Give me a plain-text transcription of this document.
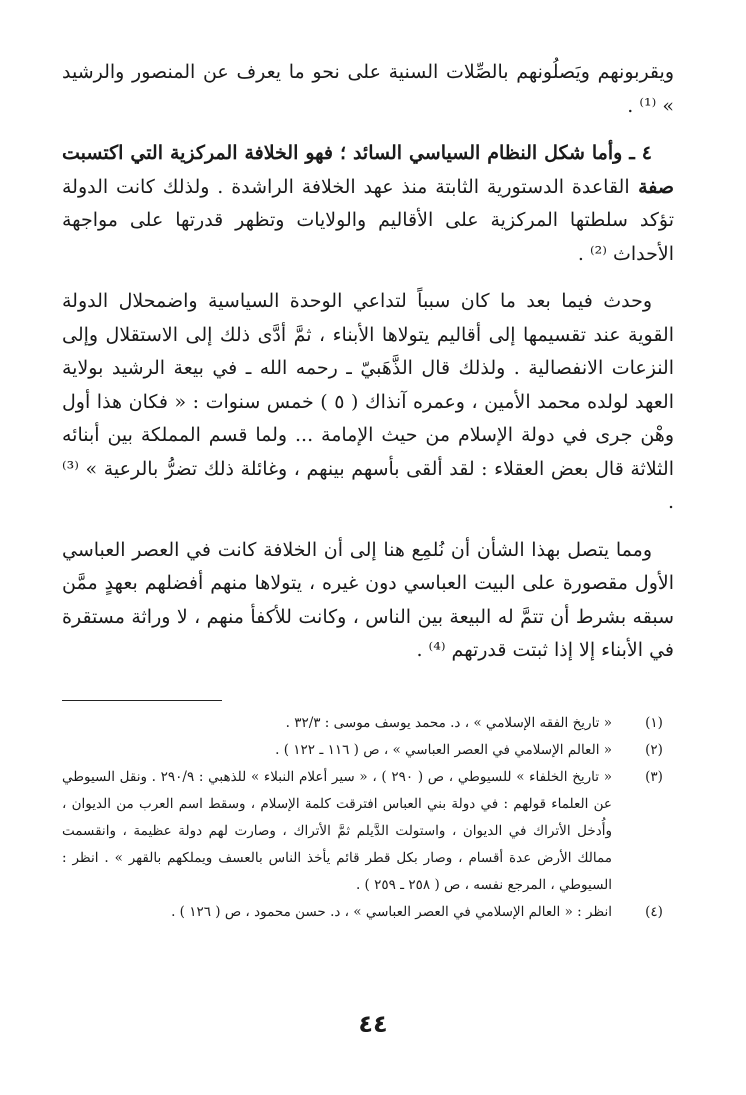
ويقربونهم ويَصلُونهم بالصِّلات السنية على نحو ما يعرف عن المنصور والرشيد » ⁽¹⁾ .

٤ ـ وأما شكل النظام السياسي السائد ؛ فهو الخلافة المركزية التي اكتسبت صفة القاعدة الدستورية الثابتة منذ عهد الخلافة الراشدة . ولذلك كانت الدولة تؤكد سلطتها المركزية على الأقاليم والولايات وتظهر قدرتها على مواجهة الأحداث ⁽²⁾ .

وحدث فيما بعد ما كان سبباً لتداعي الوحدة السياسية واضمحلال الدولة القوية عند تقسيمها إلى أقاليم يتولاها الأبناء ، ثمَّ أدَّى ذلك إلى الاستقلال وإلى النزعات الانفصالية . ولذلك قال الذَّهَبيّ ـ رحمه الله ـ في بيعة الرشيد بولاية العهد لولده محمد الأمين ، وعمره آنذاك ( ٥ ) خمس سنوات : « فكان هذا أول وهْن جرى في دولة الإسلام من حيث الإمامة ... ولما قسم المملكة بين أبنائه الثلاثة قال بعض العقلاء : لقد ألقى بأسهم بينهم ، وغائلة ذلك تضرُّ بالرعية » ⁽³⁾ .

ومما يتصل بهذا الشأن أن نُلمِع هنا إلى أن الخلافة كانت في العصر العباسي الأول مقصورة على البيت العباسي دون غيره ، يتولاها منهم أفضلهم بعهدٍ ممَّن سبقه بشرط أن تتمَّ له البيعة بين الناس ، وكانت للأكفأ منهم ، لا وراثة مستقرة في الأبناء إلا إذا ثبتت قدرتهم ⁽⁴⁾ .

(١)
« تاريخ الفقه الإسلامي » ، د. محمد يوسف موسى : ٣٢/٣ .
(٢)
« العالم الإسلامي في العصر العباسي » ، ص ( ١١٦ ـ ١٢٢ ) .
(٣)
« تاريخ الخلفاء » للسيوطي ، ص ( ٢٩٠ ) ، « سير أعلام النبلاء » للذهبي : ٢٩٠/٩ . ونقل السيوطي عن العلماء قولهم : في دولة بني العباس افترقت كلمة الإسلام ، وسقط اسم العرب من الديوان ، وأُدخل الأتراك في الديوان ، واستولت الدَّيلم ثمَّ الأتراك ، وصارت لهم دولة عظيمة ، وانقسمت ممالك الأرض عدة أقسام ، وصار بكل قطر قائم يأخذ الناس بالعسف ويملكهم بالقهر » . انظر : السيوطي ، المرجع نفسه ، ص ( ٢٥٨ ـ ٢٥٩ ) .
(٤)
انظر : « العالم الإسلامي في العصر العباسي » ، د. حسن محمود ، ص ( ١٢٦ ) .
٤٤
